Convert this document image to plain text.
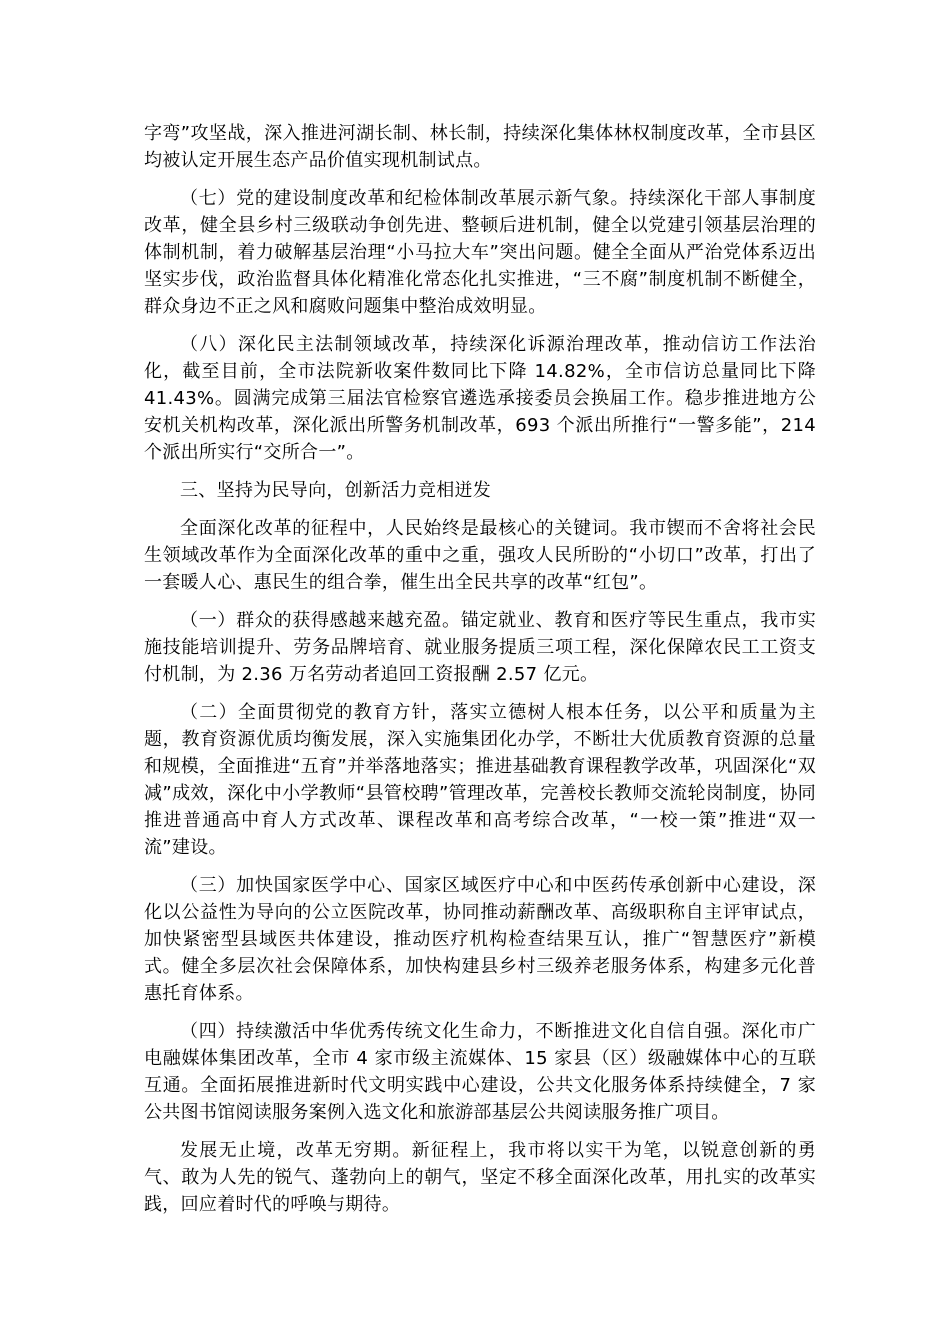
字弯”攻坚战，深入推进河湖长制、林长制，持续深化集体林权制度改革，全市县区均被认定开展生态产品价值实现机制试点。

（七）党的建设制度改革和纪检体制改革展示新气象。持续深化干部人事制度改革，健全县乡村三级联动争创先进、整顿后进机制，健全以党建引领基层治理的体制机制，着力破解基层治理“小马拉大车”突出问题。健全全面从严治党体系迈出坚实步伐，政治监督具体化精准化常态化扎实推进，“三不腐”制度机制不断健全，群众身边不正之风和腐败问题集中整治成效明显。

（八）深化民主法制领域改革，持续深化诉源治理改革，推动信访工作法治化，截至目前，全市法院新收案件数同比下降 14.82%，全市信访总量同比下降 41.43%。圆满完成第三届法官检察官遴选承接委员会换届工作。稳步推进地方公安机关机构改革，深化派出所警务机制改革，693 个派出所推行“一警多能”，214 个派出所实行“交所合一”。

三、坚持为民导向，创新活力竞相迸发

全面深化改革的征程中，人民始终是最核心的关键词。我市锲而不舍将社会民生领域改革作为全面深化改革的重中之重，强攻人民所盼的“小切口”改革，打出了一套暖人心、惠民生的组合拳，催生出全民共享的改革“红包”。

（一）群众的获得感越来越充盈。锚定就业、教育和医疗等民生重点，我市实施技能培训提升、劳务品牌培育、就业服务提质三项工程，深化保障农民工工资支付机制，为 2.36 万名劳动者追回工资报酬 2.57 亿元。

（二）全面贯彻党的教育方针，落实立德树人根本任务，以公平和质量为主题，教育资源优质均衡发展，深入实施集团化办学，不断壮大优质教育资源的总量和规模，全面推进“五育”并举落地落实；推进基础教育课程教学改革，巩固深化“双减”成效，深化中小学教师“县管校聘”管理改革，完善校长教师交流轮岗制度，协同推进普通高中育人方式改革、课程改革和高考综合改革，“一校一策”推进“双一流”建设。

（三）加快国家医学中心、国家区域医疗中心和中医药传承创新中心建设，深化以公益性为导向的公立医院改革，协同推动薪酬改革、高级职称自主评审试点，加快紧密型县域医共体建设，推动医疗机构检查结果互认，推广“智慧医疗”新模式。健全多层次社会保障体系，加快构建县乡村三级养老服务体系，构建多元化普惠托育体系。

（四）持续激活中华优秀传统文化生命力，不断推进文化自信自强。深化市广电融媒体集团改革，全市 4 家市级主流媒体、15 家县（区）级融媒体中心的互联互通。全面拓展推进新时代文明实践中心建设，公共文化服务体系持续健全，7 家公共图书馆阅读服务案例入选文化和旅游部基层公共阅读服务推广项目。

发展无止境，改革无穷期。新征程上，我市将以实干为笔，以锐意创新的勇气、敢为人先的锐气、蓬勃向上的朝气，坚定不移全面深化改革，用扎实的改革实践，回应着时代的呼唤与期待。
